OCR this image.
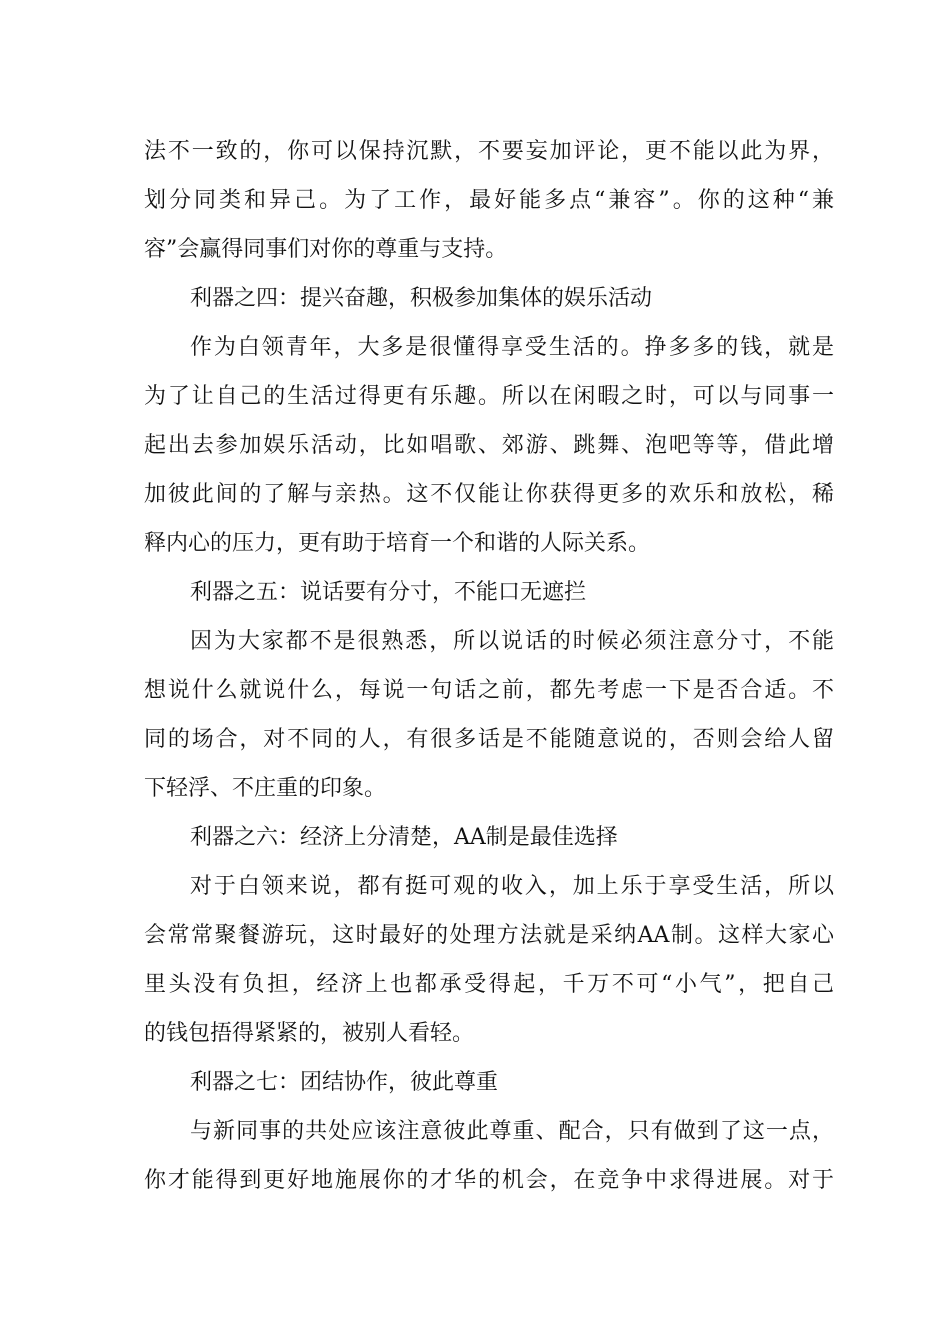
法不一致的，你可以保持沉默，不要妄加评论，更不能以此为界，
划分同类和异己。为了工作，最好能多点“兼容”。你的这种“兼
容”会赢得同事们对你的尊重与支持。
利器之四：提兴奋趣，积极参加集体的娱乐活动
作为白领青年，大多是很懂得享受生活的。挣多多的钱，就是
为了让自己的生活过得更有乐趣。所以在闲暇之时，可以与同事一
起出去参加娱乐活动，比如唱歌、郊游、跳舞、泡吧等等，借此增
加彼此间的了解与亲热。这不仅能让你获得更多的欢乐和放松，稀
释内心的压力，更有助于培育一个和谐的人际关系。
利器之五：说话要有分寸，不能口无遮拦
因为大家都不是很熟悉，所以说话的时候必须注意分寸，不能
想说什么就说什么，每说一句话之前，都先考虑一下是否合适。不
同的场合，对不同的人，有很多话是不能随意说的，否则会给人留
下轻浮、不庄重的印象。
利器之六：经济上分清楚，AA制是最佳选择
对于白领来说，都有挺可观的收入，加上乐于享受生活，所以
会常常聚餐游玩，这时最好的处理方法就是采纳AA制。这样大家心
里头没有负担，经济上也都承受得起，千万不可“小气”，把自己
的钱包捂得紧紧的，被别人看轻。
利器之七：团结协作，彼此尊重
与新同事的共处应该注意彼此尊重、配合，只有做到了这一点，
你才能得到更好地施展你的才华的机会，在竞争中求得进展。对于
